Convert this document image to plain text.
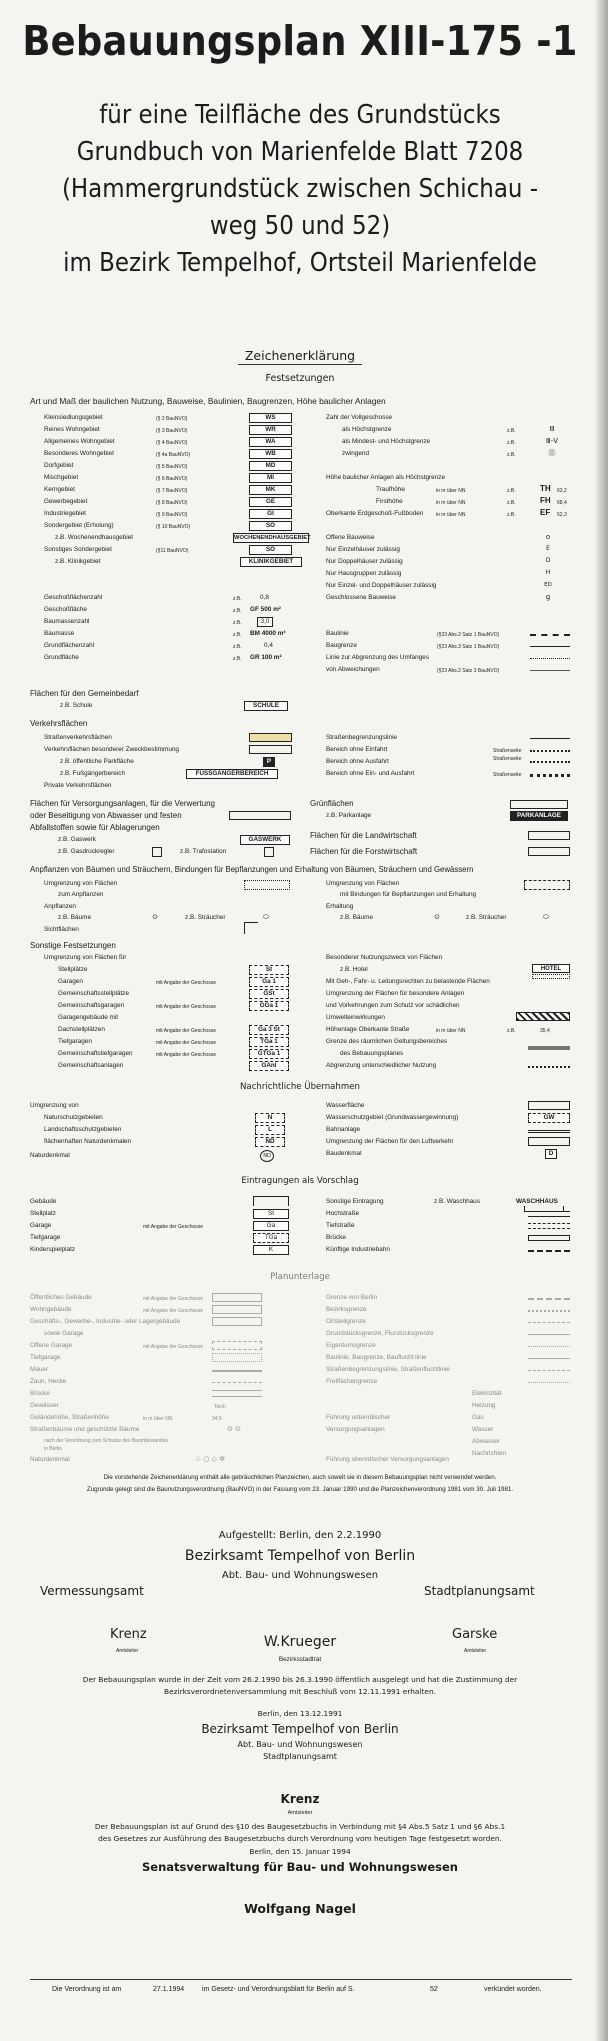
Bebauungsplan XIII-175 -1
für eine Teilfläche des Grundstücks
Grundbuch von Marienfelde Blatt 7208
(Hammergrundstück zwischen Schichau -
weg 50 und 52)
im Bezirk Tempelhof, Ortsteil Marienfelde
Zeichenerklärung
Festsetzungen
Art und Maß der baulichen Nutzung, Bauweise, Baulinien, Baugrenzen, Höhe baulicher Anlagen
Kleinsiedlungsgebiet	(§ 2 BauNVO)	WS
Reines Wohngebiet	(§ 3 BauNVO)	WR
Allgemeines Wohngebiet	(§ 4 BauNVO)	WA
Besonderes Wohngebiet	(§ 4a BauNVO)	WB
Dorfgebiet	(§ 5 BauNVO)	MD
Mischgebiet	(§ 6 BauNVO)	MI
Kerngebiet	(§ 7 BauNVO)	MK
Gewerbegebiet	(§ 8 BauNVO)	GE
Industriegebiet	(§ 9 BauNVO)	GI
Sondergebiet (Erholung)	(§ 10 BauNVO)	SO
z.B. Wochenendhausgebiet	WOCHENENDHAUSGEBIET
Sonstiges Sondergebiet	(§11 BauNVO)	SO
z.B. Klinikgebiet	KLINIKGEBIET
Zahl der Vollgeschosse
als Höchstgrenze	z.B.	Ⅲ
als Mindest- und Höchstgrenze	z.B.	Ⅲ-Ⅴ
zwingend	z.B.	⑪
Höhe baulicher Anlagen als Höchstgrenze
Traufhöhe	in m über NN	z.B.	TH 63,2
Firsthöhe	in m über NN	z.B.	FH 68,4
Oberkante Erdgeschoß-Fußboden	in m über NN	z.B.	EF 52,3
Offene Bauweise	o
Nur Einzelhäuser zulässig	E
Nur Doppelhäuser zulässig	D
Nur Hausgruppen zulässig	H
Nur Einzel- und Doppelhäuser zulässig	ED
Geschlossene Bauweise	g
Geschoßflächenzahl	z.B.	0,8
Geschoßfläche	z.B. GF 500 m²
Baumassenzahl	z.B.	3,0
Baumasse	z.B. BM 4000 m³
Grundflächenzahl	z.B.	0,4
Grundfläche	z.B. GR 100 m²
Baulinie	(§23 Abs.2 Satz 1 BauNVO)
Baugrenze	(§23 Abs.3 Satz 1 BauNVO)
Linie zur Abgrenzung des Umfanges
von Abweichungen	(§23 Abs.2 Satz 3 BauNVO)
Flächen für den Gemeinbedarf
z.B. Schule	SCHULE
Verkehrsflächen
Straßenverkehrsflächen
Verkehrsflächen besonderer Zweckbestimmung
z.B. öffentliche Parkfläche	P
z.B. Fußgängerbereich	FUSSGÄNGERBEREICH
Private Verkehrsflächen
Straßenbegrenzungslinie
Bereich ohne Einfahrt	Straßenseite
Bereich ohne Ausfahrt	Straßenseite
Bereich ohne Ein- und Ausfahrt	Straßenseite
Flächen für Versorgungsanlagen, für die Verwertung
oder Beseitigung von Abwasser und festen
Abfallstoffen sowie für Ablagerungen
z.B. Gaswerk	GASWERK
z.B. Gasdruckregler	z.B. Trafostation
Grünflächen
z.B. Parkanlage	PARKANLAGE
Flächen für die Landwirtschaft
Flächen für die Forstwirtschaft
Anpflanzen von Bäumen und Sträuchern, Bindungen für Bepflanzungen und Erhaltung von Bäumen, Sträuchern und Gewässern
Umgrenzung von Flächen
zum Anpflanzen
Anpflanzen
z.B. Bäume	⊙	z.B. Sträucher	⬭
Sichtflächen
Umgrenzung von Flächen
mit Bindungen für Bepflanzungen und Erhaltung
Erhaltung
z.B. Bäume	⊙	z.B. Sträucher	⬭
Sonstige Festsetzungen
Umgrenzung von Flächen für
Stellplätze	St
Garagen	mit Angabe der Geschosse	Ga 1
Gemeinschaftsstellplätze	GSt
Gemeinschaftsgaragen	mit Angabe der Geschosse	GGa 1
Garagengebäude mit
Dachstellplätzen	mit Angabe der Geschosse	Ga 3 St
Tiefgaragen	mit Angabe der Geschosse	TGa 1
Gemeinschaftstiefgaragen	mit Angabe der Geschosse	GTGa 1
Gemeinschaftsanlagen	GAnl
Besonderer Nutzungszweck von Flächen
z.B. Hotel	HOTEL
Mit Geh-, Fahr- u. Leitungsrechten zu belastende Flächen
Umgrenzung der Flächen für besondere Anlagen
und Vorkehrungen zum Schutz vor schädlichen
Umwelteinwirkungen
Höhenlage Oberkante Straße	in m über NN	z.B.	35,4
Grenze des räumlichen Geltungsbereiches
des Bebauungsplanes
Abgrenzung unterschiedlicher Nutzung
Nachrichtliche Übernahmen
Umgrenzung von
Naturschutzgebieten	N
Landschaftsschutzgebieten	L
flächenhaften Naturdenkmalen	ND
Naturdenkmal	ND
Wasserfläche
Wasserschutzgebiet (Grundwassergewinnung)	GW
Bahnanlage
Umgrenzung der Flächen für den Luftverkehr
Baudenkmal	D
Eintragungen als Vorschlag
Gebäude
Stellplatz	St
Garage	mit Angabe der Geschosse	Ga
Tiefgarage	TGa
Kinderspielplatz	K
Sonstige Eintragung	z.B. Waschhaus	WASCHHAUS
Hochstraße
Tiefstraße
Brücke
Künftige Industriebahn
Planunterlage
Öffentliches Gebäude	mit Angabe der Geschosse
Wohngebäude	mit Angabe der Geschosse
Geschäfts-, Gewerbe-, Industrie- oder Lagergebäude
sowie Garage
Offene Garage	mit Angabe der Geschosse
Tiefgarage
Mauer
Zaun, Hecke
Brücke
Gewässer	Teich
Geländehöhe, Straßenhöhe	in m über NN	34,5
Straßenbäume und geschützte Bäume	⊙ ⊙
nach der Verordnung zum Schutze des Baumbestandes
in Berlin
Naturdenkmal	♧ ○ ◇ ✲
Grenze von Berlin
Bezirksgrenze
Ortsteilgrenze
Grundstücksgrenze, Flurstücksgrenze
Eigentumsgrenze
Baulinie, Baugrenze, Bauflucht linie
Straßenbegrenzungslinie, Straßenfluchtlinie
Freiflächengrenze
Führung unterirdischer
Versorgungsanlagen
Führung oberirdischer Versorgungsanlagen
Elektrizität
Heizung
Gas
Wasser
Abwasser
Nachrichten
Die vorstehende Zeichenerklärung enthält alle gebräuchlichen Planzeichen, auch soweit sie in diesem Bebauungsplan nicht verwendet werden.
Zugrunde gelegt sind die Baunutzungsverordnung (BauNVO) in der Fassung vom 23. Januar 1990 und die Planzeichenverordnung 1981 vom 30. Juli 1981.
Aufgestellt: Berlin, den 2.2.1990
Bezirksamt Tempelhof von Berlin
Abt. Bau- und Wohnungswesen
Vermessungsamt	Stadtplanungsamt
Krenz
Amtsleiter
W.Krueger
Bezirksstadtrat
Garske
Amtsleiter
Der Bebauungsplan wurde in der Zeit vom 26.2.1990 bis 26.3.1990 öffentlich ausgelegt und hat die Zustimmung der
Bezirksverordnetenversammlung mit Beschluß vom 12.11.1991 erhalten.
Berlin, den 13.12.1991
Bezirksamt Tempelhof von Berlin
Abt. Bau- und Wohnungswesen
Stadtplanungsamt
Krenz
Amtsleiter
Der Bebauungsplan ist auf Grund des §10 des Baugesetzbuchs in Verbindung mit §4 Abs.5 Satz 1 und §6 Abs.1
des Gesetzes zur Ausführung des Baugesetzbuchs durch Verordnung vom heutigen Tage festgesetzt worden.
Berlin, den 15. Januar 1994
Senatsverwaltung für Bau- und Wohnungswesen
Wolfgang Nagel
Die Verordnung ist am	27.1.1994	im Gesetz- und Verordnungsblatt für Berlin auf S.	52	verkündet worden.
